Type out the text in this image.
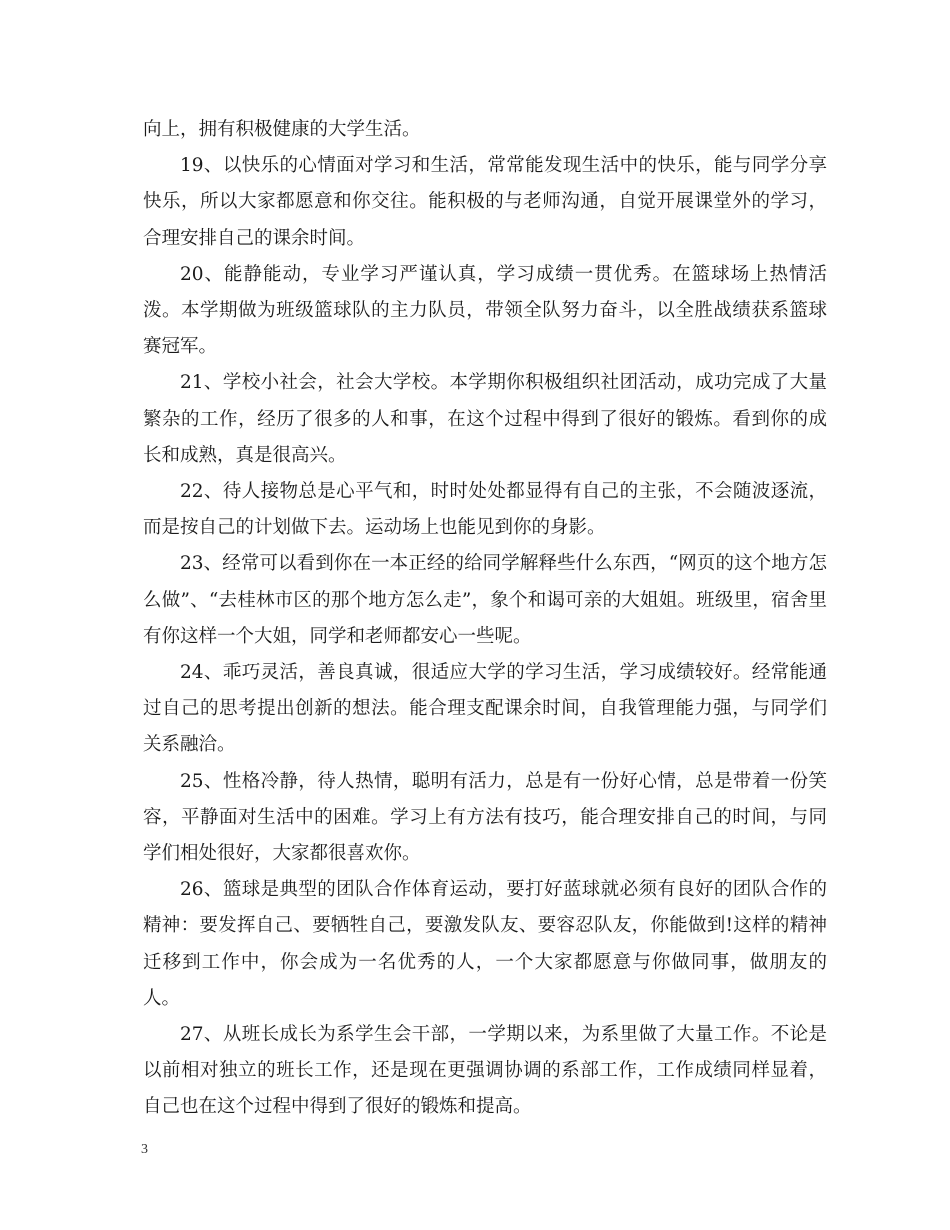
向上，拥有积极健康的大学生活。

19、以快乐的心情面对学习和生活，常常能发现生活中的快乐，能与同学分享快乐，所以大家都愿意和你交往。能积极的与老师沟通，自觉开展课堂外的学习，合理安排自己的课余时间。

20、能静能动，专业学习严谨认真，学习成绩一贯优秀。在篮球场上热情活泼。本学期做为班级篮球队的主力队员，带领全队努力奋斗，以全胜战绩获系篮球赛冠军。

21、学校小社会，社会大学校。本学期你积极组织社团活动，成功完成了大量繁杂的工作，经历了很多的人和事，在这个过程中得到了很好的锻炼。看到你的成长和成熟，真是很高兴。

22、待人接物总是心平气和，时时处处都显得有自己的主张，不会随波逐流，而是按自己的计划做下去。运动场上也能见到你的身影。

23、经常可以看到你在一本正经的给同学解释些什么东西，“网页的这个地方怎么做”、“去桂林市区的那个地方怎么走”，象个和谒可亲的大姐姐。班级里，宿舍里有你这样一个大姐，同学和老师都安心一些呢。

24、乖巧灵活，善良真诚，很适应大学的学习生活，学习成绩较好。经常能通过自己的思考提出创新的想法。能合理支配课余时间，自我管理能力强，与同学们关系融洽。

25、性格冷静，待人热情，聪明有活力，总是有一份好心情，总是带着一份笑容，平静面对生活中的困难。学习上有方法有技巧，能合理安排自己的时间，与同学们相处很好，大家都很喜欢你。

26、篮球是典型的团队合作体育运动，要打好蓝球就必须有良好的团队合作的精神：要发挥自己、要牺牲自己，要激发队友、要容忍队友，你能做到!这样的精神迁移到工作中，你会成为一名优秀的人，一个大家都愿意与你做同事，做朋友的人。

27、从班长成长为系学生会干部，一学期以来，为系里做了大量工作。不论是以前相对独立的班长工作，还是现在更强调协调的系部工作，工作成绩同样显着，自己也在这个过程中得到了很好的锻炼和提高。

3
